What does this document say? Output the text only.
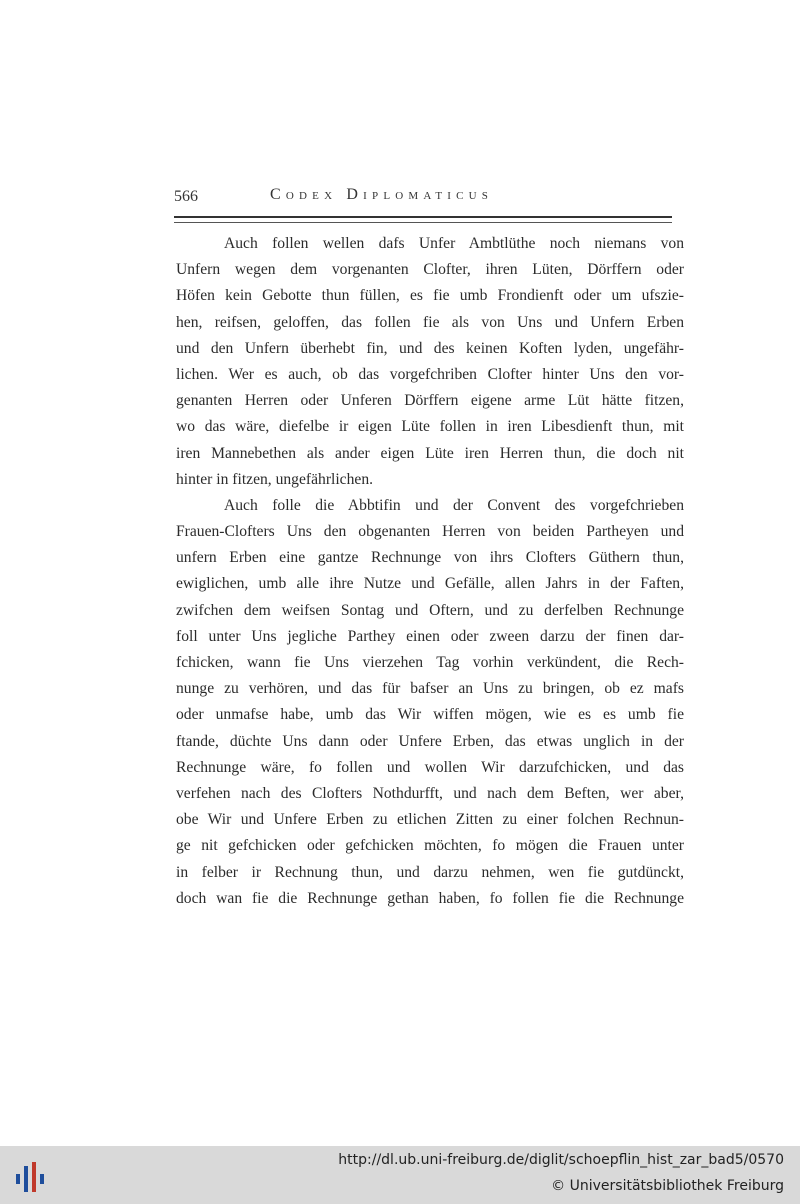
566	Codex Diplomaticus
Auch follen wellen dafs Unfer Ambtlüthe noch niemans von
Unfern wegen dem vorgenanten Clofter, ihren Lüten, Dörffern oder
Höfen kein Gebotte thun füllen, es fie umb Frondienft oder um ufszie-
hen, reifsen, geloffen, das follen fie als von Uns und Unfern Erben
und den Unfern überhebt fin, und des keinen Koften lyden, ungefähr-
lichen. Wer es auch, ob das vorgefchriben Clofter hinter Uns den vor-
genanten Herren oder Unferen Dörffern eigene arme Lüt hätte fitzen,
wo das wäre, diefelbe ir eigen Lüte follen in iren Libesdienft thun, mit
iren Mannebethen als ander eigen Lüte iren Herren thun, die doch nit
hinter in fitzen, ungefährlichen.
Auch folle die Abbtifin und der Convent des vorgefchrieben
Frauen-Clofters Uns den obgenanten Herren von beiden Partheyen und
unfern Erben eine gantze Rechnunge von ihrs Clofters Güthern thun,
ewiglichen, umb alle ihre Nutze und Gefälle, allen Jahrs in der Faften,
zwifchen dem weifsen Sontag und Oftern, und zu derfelben Rechnunge
foll unter Uns jegliche Parthey einen oder zween darzu der finen dar-
fchicken, wann fie Uns vierzehen Tag vorhin verkündent, die Rech-
nunge zu verhören, und das für bafser an Uns zu bringen, ob ez mafs
oder unmafse habe, umb das Wir wiffen mögen, wie es es umb fie
ftande, düchte Uns dann oder Unfere Erben, das etwas unglich in der
Rechnunge wäre, fo follen und wollen Wir darzufchicken, und das
verfehen nach des Clofters Nothdurfft, und nach dem Beften, wer aber,
obe Wir und Unfere Erben zu etlichen Zitten zu einer folchen Rechnun-
ge nit gefchicken oder gefchicken möchten, fo mögen die Frauen unter
in felber ir Rechnung thun, und darzu nehmen, wen fie gutdünckt,
doch wan fie die Rechnunge gethan haben, fo follen fie die Rechnunge
http://dl.ub.uni-freiburg.de/diglit/schoepflin_hist_zar_bad5/0570
© Universitätsbibliothek Freiburg
